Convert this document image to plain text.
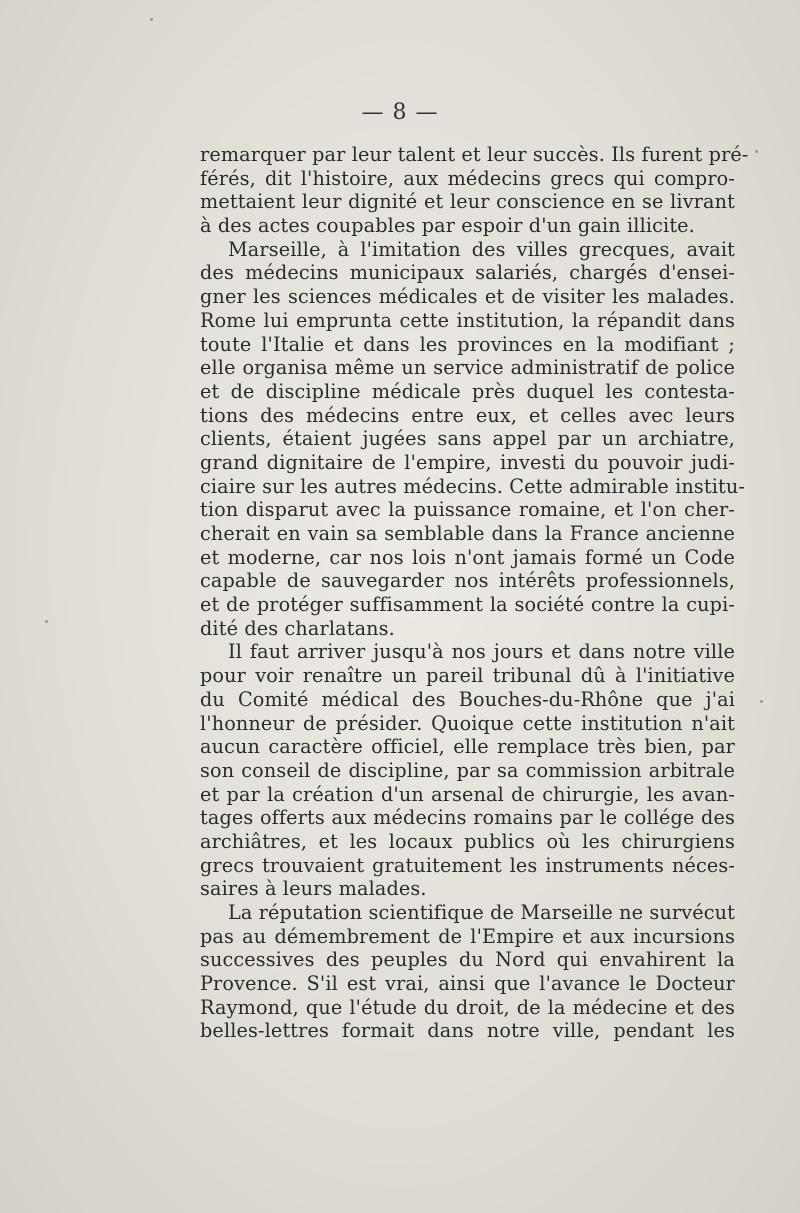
— 8 —
remarquer par leur talent et leur succès. Ils furent pré-
férés, dit l'histoire, aux médecins grecs qui compro-
mettaient leur dignité et leur conscience en se livrant
à des actes coupables par espoir d'un gain illicite.
Marseille, à l'imitation des villes grecques, avait
des médecins municipaux salariés, chargés d'ensei-
gner les sciences médicales et de visiter les malades.
Rome lui emprunta cette institution, la répandit dans
toute l'Italie et dans les provinces en la modifiant ;
elle organisa même un service administratif de police
et de discipline médicale près duquel les contesta-
tions des médecins entre eux, et celles avec leurs
clients, étaient jugées sans appel par un archiatre,
grand dignitaire de l'empire, investi du pouvoir judi-
ciaire sur les autres médecins. Cette admirable institu-
tion disparut avec la puissance romaine, et l'on cher-
cherait en vain sa semblable dans la France ancienne
et moderne, car nos lois n'ont jamais formé un Code
capable de sauvegarder nos intérêts professionnels,
et de protéger suffisamment la société contre la cupi-
dité des charlatans.
Il faut arriver jusqu'à nos jours et dans notre ville
pour voir renaître un pareil tribunal dû à l'initiative
du Comité médical des Bouches-du-Rhône que j'ai
l'honneur de présider. Quoique cette institution n'ait
aucun caractère officiel, elle remplace très bien, par
son conseil de discipline, par sa commission arbitrale
et par la création d'un arsenal de chirurgie, les avan-
tages offerts aux médecins romains par le collége des
archiâtres, et les locaux publics où les chirurgiens
grecs trouvaient gratuitement les instruments néces-
saires à leurs malades.
La réputation scientifique de Marseille ne survécut
pas au démembrement de l'Empire et aux incursions
successives des peuples du Nord qui envahirent la
Provence. S'il est vrai, ainsi que l'avance le Docteur
Raymond, que l'étude du droit, de la médecine et des
belles-lettres formait dans notre ville, pendant les
